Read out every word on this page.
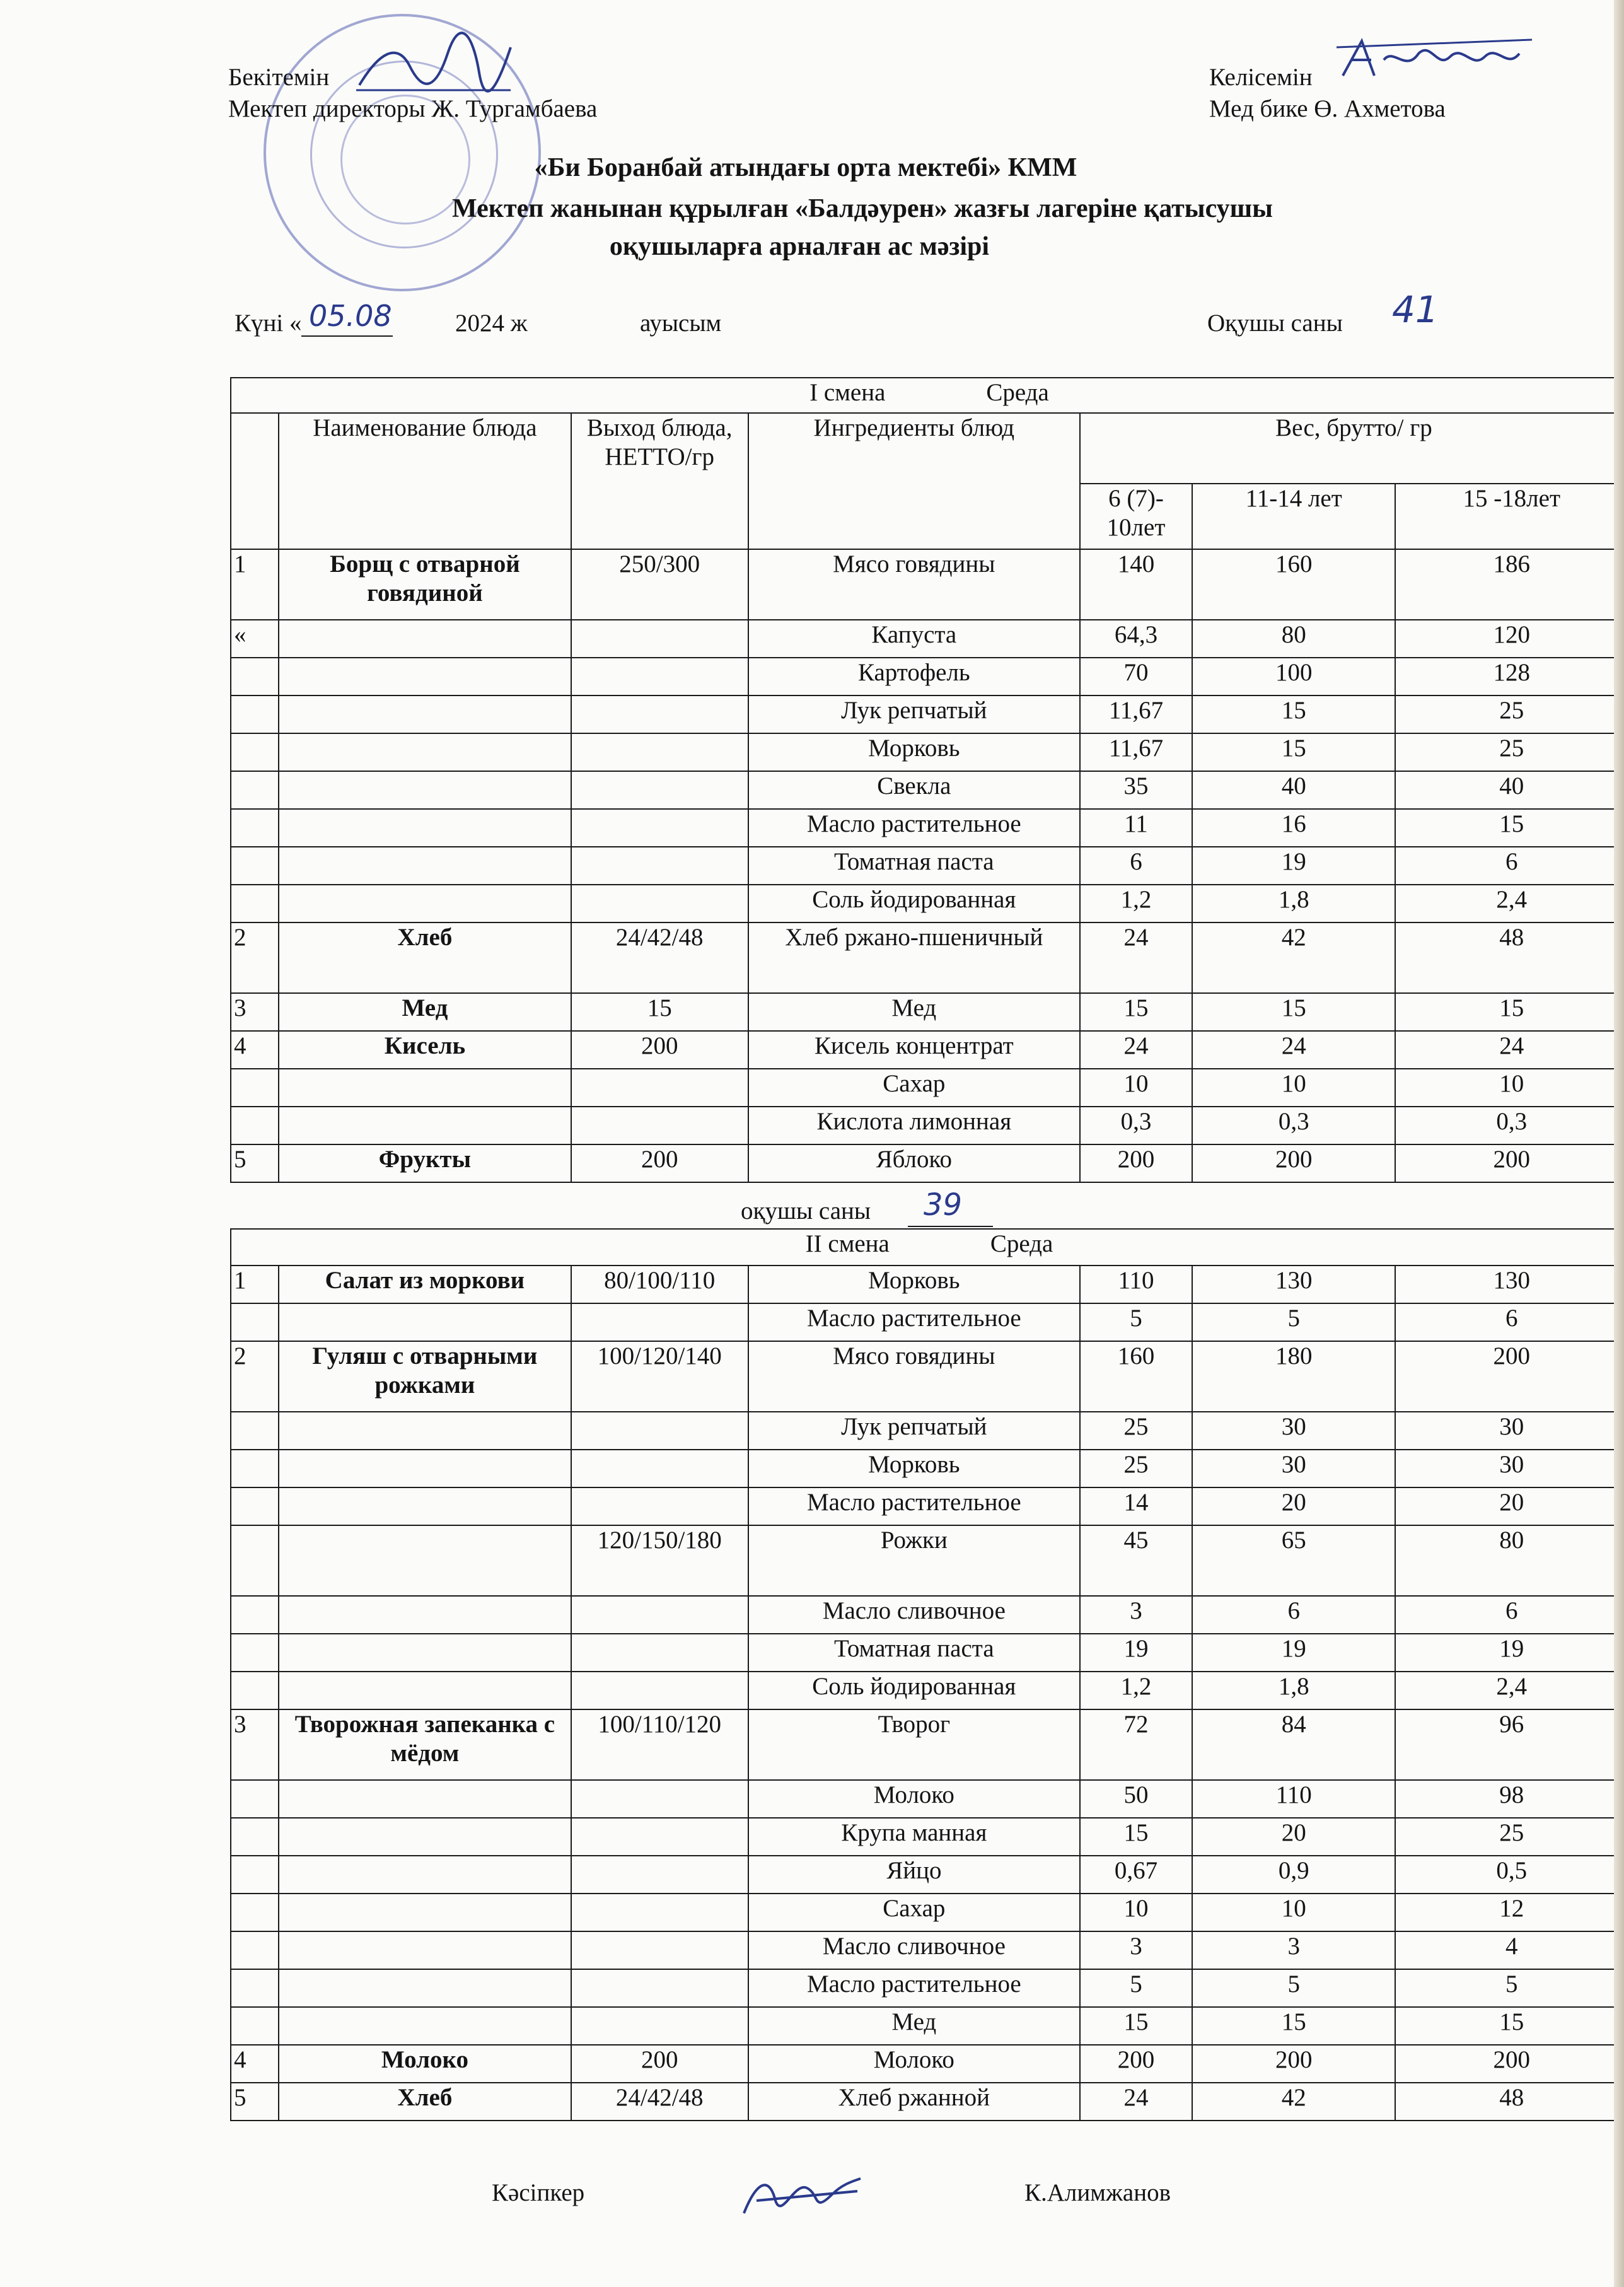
Бекітемін
Мектеп директоры Ж. Тургамбаева
Келісемін
Мед бике Ө. Ахметова
«Би Боранбай атындағы орта мектебі» КММ
Мектеп жанынан құрылған «Балдәурен» жазғы лагеріне қатысушы
оқушыларға арналған ас мәзірі
Күні « 05.08	2024 ж	ауысым	Оқушы саны 41
I смена Среда						
	Наименование блюда	Выход блюда, НЕТТО/гр	Ингредиенты блюд	Вес, брутто/ гр		
				6 (7)- 10лет	11-14 лет	15 -18лет
1	Борщ с отварной говядиной	250/300	Мясо говядины	140	160	186
«			Капуста	64,3	80	120
			Картофель	70	100	128
			Лук репчатый	11,67	15	25
			Морковь	11,67	15	25
			Свекла	35	40	40
			Масло растительное	11	16	15
			Томатная паста	6	19	6
			Соль йодированная	1,2	1,8	2,4
2	Хлеб	24/42/48	Хлеб ржано-пшеничный	24	42	48
3	Мед	15	Мед	15	15	15
4	Кисель	200	Кисель концентрат	24	24	24
			Сахар	10	10	10
			Кислота лимонная	0,3	0,3	0,3
5	Фрукты	200	Яблоко	200	200	200
оқушы саны 39
II смена Среда						
1	Салат из моркови	80/100/110	Морковь	110	130	130
			Масло растительное	5	5	6
2	Гуляш с отварными рожками	100/120/140	Мясо говядины	160	180	200
			Лук репчатый	25	30	30
			Морковь	25	30	30
			Масло растительное	14	20	20
		120/150/180	Рожки	45	65	80
			Масло сливочное	3	6	6
			Томатная паста	19	19	19
			Соль йодированная	1,2	1,8	2,4
3	Творожная запеканка с мёдом	100/110/120	Творог	72	84	96
			Молоко	50	110	98
			Крупа манная	15	20	25
			Яйцо	0,67	0,9	0,5
			Сахар	10	10	12
			Масло сливочное	3	3	4
			Масло растительное	5	5	5
			Мед	15	15	15
4	Молоко	200	Молоко	200	200	200
5	Хлеб	24/42/48	Хлеб ржанной	24	42	48
Кәсіпкер	К.Алимжанов
